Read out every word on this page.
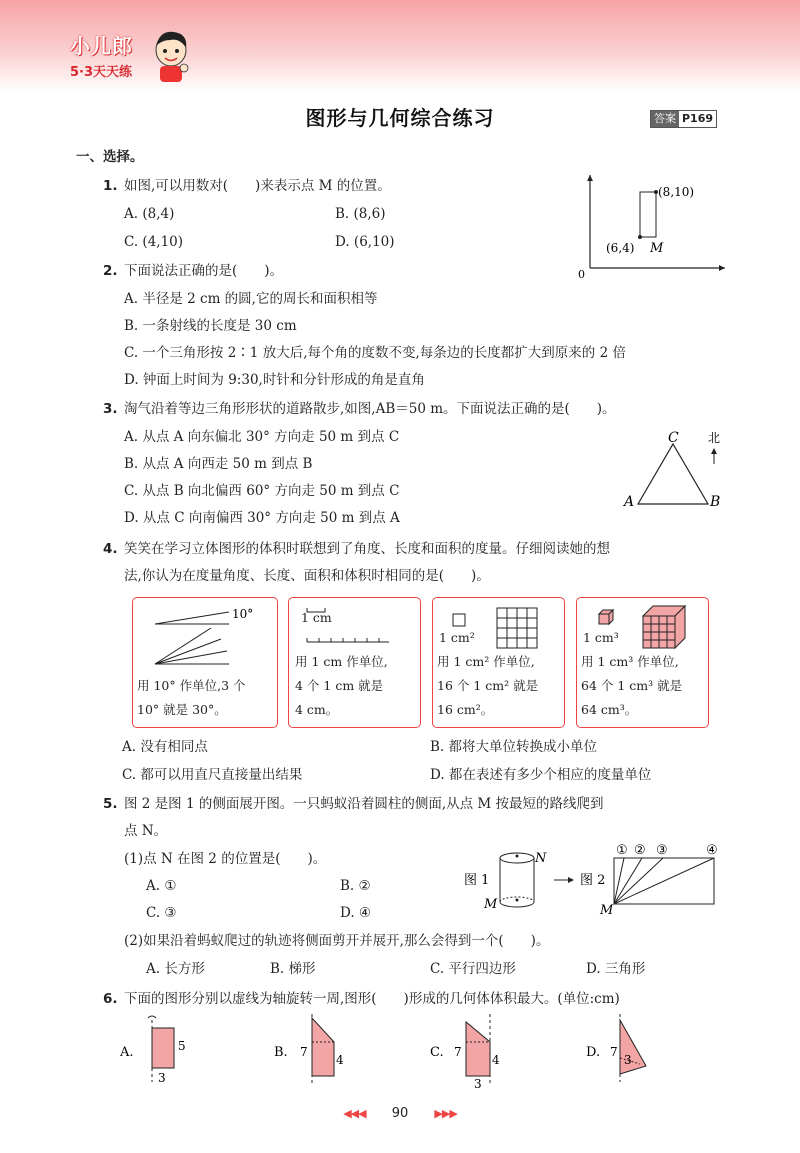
小儿郎
5·3天天练
图形与几何综合练习	答案 P169
一、选择。
1. 如图,可以用数对(　　)来表示点 M 的位置。
A. (8,4)	B. (8,6)
C. (4,10)	D. (6,10)
(8,10)
(6,4) M
0
2. 下面说法正确的是(　　)。
A. 半径是 2 cm 的圆,它的周长和面积相等
B. 一条射线的长度是 30 cm
C. 一个三角形按 2∶1 放大后,每个角的度数不变,每条边的长度都扩大到原来的 2 倍
D. 钟面上时间为 9:30,时针和分针形成的角是直角
3. 淘气沿着等边三角形形状的道路散步,如图,AB＝50 m。下面说法正确的是(　　)。
A. 从点 A 向东偏北 30° 方向走 50 m 到点 C
B. 从点 A 向西走 50 m 到点 B
C. 从点 B 向北偏西 60° 方向走 50 m 到点 C
D. 从点 C 向南偏西 30° 方向走 50 m 到点 A
A	B
C 北
4. 笑笑在学习立体图形的体积时联想到了角度、长度和面积的度量。仔细阅读她的想
法,你认为在度量角度、长度、面积和体积时相同的是(　　)。
10°
用 10° 作单位,3 个
10° 就是 30°。
1 cm
用 1 cm 作单位,
4 个 1 cm 就是
4 cm。
1 cm²
用 1 cm² 作单位,
16 个 1 cm² 就是
16 cm²。
1 cm³
用 1 cm³ 作单位,
64 个 1 cm³ 就是
64 cm³。
A. 没有相同点	B. 都将大单位转换成小单位
C. 都可以用直尺直接量出结果	D. 都在表述有多少个相应的度量单位
5. 图 2 是图 1 的侧面展开图。一只蚂蚁沿着圆柱的侧面,从点 M 按最短的路线爬到
点 N。
(1)点 N 在图 2 的位置是(　　)。
A. ①	B. ②
C. ③	D. ④
图 1
N
M
图 2
① ② ③	④
M
(2)如果沿着蚂蚁爬过的轨迹将侧面剪开并展开,那么会得到一个(　　)。
A. 长方形	B. 梯形	C. 平行四边形	D. 三角形
6. 下面的图形分别以虚线为轴旋转一周,图形(　　)形成的几何体体积最大。(单位:cm)
A.	5
3
B. 7
4	C. 7
4
3
D. 7
3
◀◀◀ 90 ▶▶▶
